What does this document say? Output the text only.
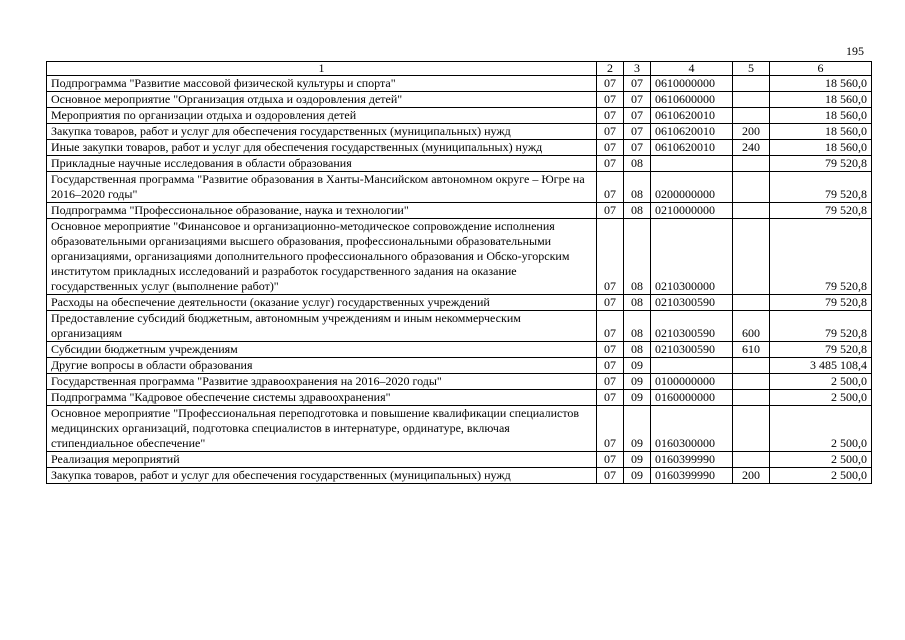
195
1	2	3	4	5	6
Подпрограмма "Развитие массовой физической культуры и спорта"	07	07	0610000000		18 560,0
Основное мероприятие "Организация отдыха и оздоровления детей"	07	07	0610600000		18 560,0
Мероприятия по организации отдыха и оздоровления детей	07	07	0610620010		18 560,0
Закупка товаров, работ и услуг для обеспечения государственных (муниципальных) нужд	07	07	0610620010	200	18 560,0
Иные закупки товаров, работ и услуг для обеспечения государственных (муниципальных) нужд	07	07	0610620010	240	18 560,0
Прикладные научные исследования в области образования	07	08			79 520,8
Государственная программа "Развитие образования в Ханты-Мансийском автономном округе – Югре на 2016–2020 годы"	07	08	0200000000		79 520,8
Подпрограмма "Профессиональное образование, наука и технологии"	07	08	0210000000		79 520,8
Основное мероприятие "Финансовое и организационно-методическое сопровождение исполнения образовательными организациями высшего образования, профессиональными образовательными организациями, организациями дополнительного профессионального образования и Обско-угорским институтом прикладных исследований и разработок государственного задания на оказание государственных услуг (выполнение работ)"	07	08	0210300000		79 520,8
Расходы на обеспечение деятельности (оказание услуг) государственных учреждений	07	08	0210300590		79 520,8
Предоставление субсидий бюджетным, автономным учреждениям и иным некоммерческим организациям	07	08	0210300590	600	79 520,8
Субсидии бюджетным учреждениям	07	08	0210300590	610	79 520,8
Другие вопросы в области образования	07	09			3 485 108,4
Государственная программа "Развитие здравоохранения на 2016–2020 годы"	07	09	0100000000		2 500,0
Подпрограмма "Кадровое обеспечение системы здравоохранения"	07	09	0160000000		2 500,0
Основное мероприятие "Профессиональная переподготовка и повышение квалификации специалистов медицинских организаций, подготовка специалистов в интернатуре, ординатуре, включая стипендиальное обеспечение"	07	09	0160300000		2 500,0
Реализация мероприятий	07	09	0160399990		2 500,0
Закупка товаров, работ и услуг для обеспечения государственных (муниципальных) нужд	07	09	0160399990	200	2 500,0
